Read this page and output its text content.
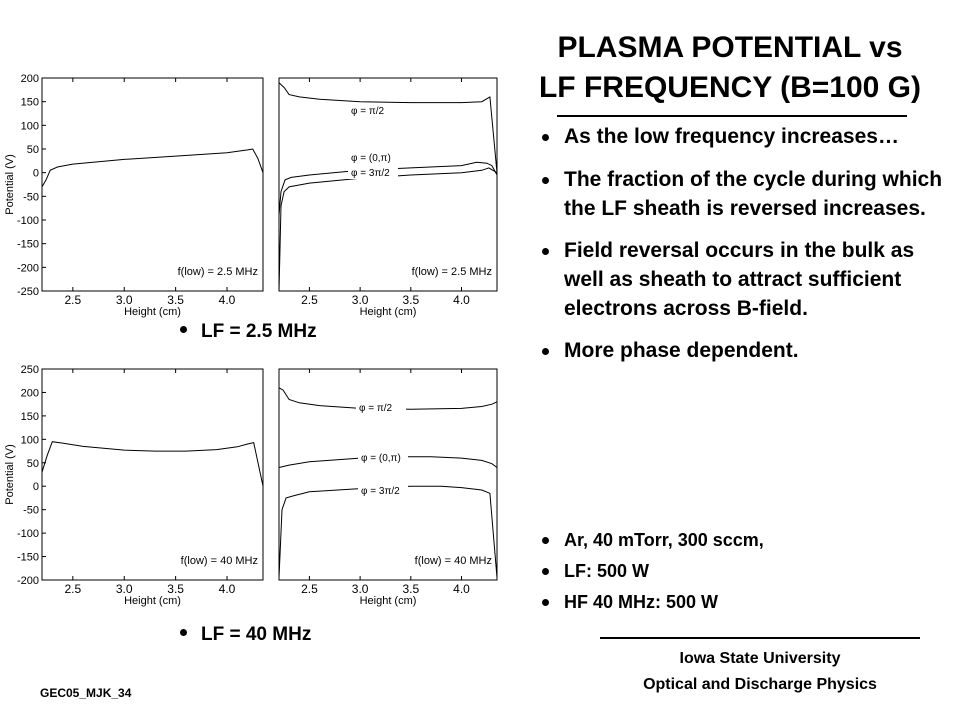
2.5	3.0	3.5	4.0
-250
-200
-150
-100
-50
0
50
100
150
200
Height (cm)
Potential (V)
f(low) = 2.5 MHz
2.5	3.0	3.5	4.0
Height (cm)
f(low) = 2.5 MHz
φ = π/2
φ = (0,π)
φ = 3π/2
2.5	3.0	3.5	4.0
-200
-150
-100
-50
0
50
100
150
200
250
Height (cm)
Potential (V)
f(low) = 40 MHz
2.5	3.0	3.5	4.0
Height (cm)
f(low) = 40 MHz
φ = π/2
φ = (0,π)
φ = 3π/2
PLASMA POTENTIAL vs
LF FREQUENCY (B=100 G)
As the low frequency increases…
The fraction of the cycle during which the LF sheath is reversed increases.
Field reversal occurs in the bulk as well as sheath to attract sufficient electrons across B-field.
More phase dependent.
Ar, 40 mTorr, 300 sccm,
LF: 500 W
HF 40 MHz: 500 W
LF = 2.5 MHz
LF = 40 MHz
Iowa State University
Optical and Discharge Physics
GEC05_MJK_34
